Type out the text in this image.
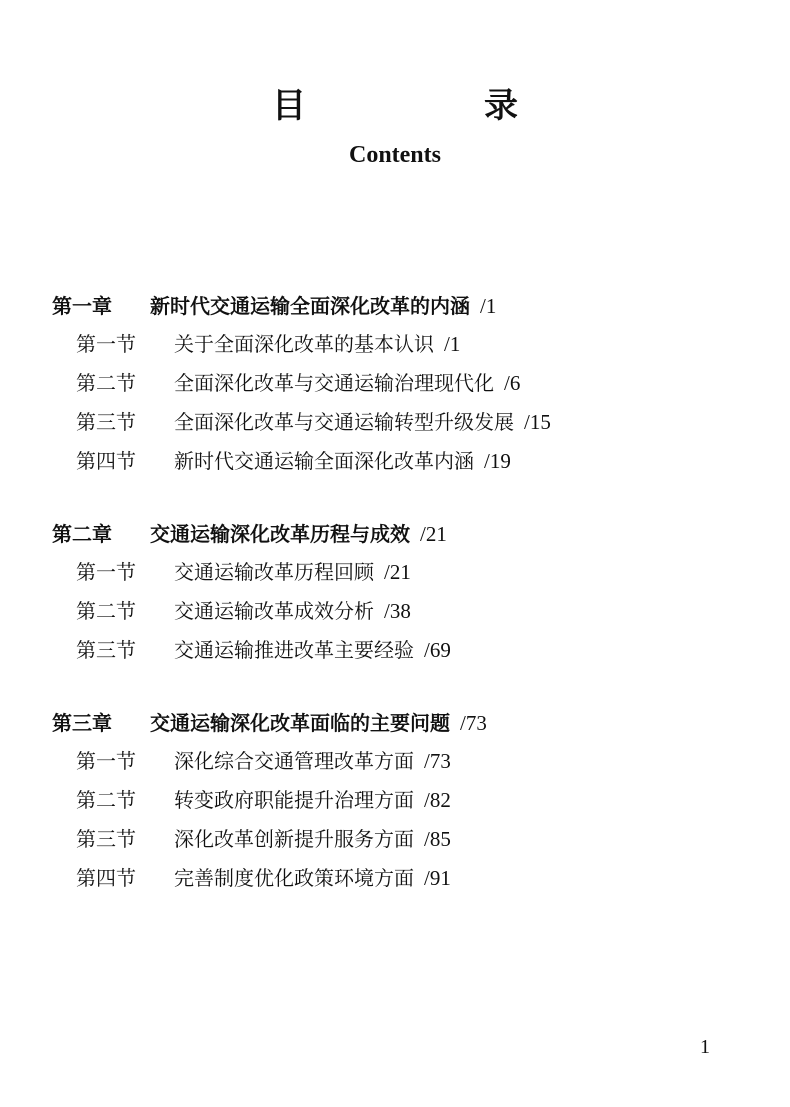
目　录
Contents
第一章	新时代交通运输全面深化改革的内涵 /1
第一节	关于全面深化改革的基本认识 /1
第二节	全面深化改革与交通运输治理现代化 /6
第三节	全面深化改革与交通运输转型升级发展 /15
第四节	新时代交通运输全面深化改革内涵 /19
第二章	交通运输深化改革历程与成效 /21
第一节	交通运输改革历程回顾 /21
第二节	交通运输改革成效分析 /38
第三节	交通运输推进改革主要经验 /69
第三章	交通运输深化改革面临的主要问题 /73
第一节	深化综合交通管理改革方面 /73
第二节	转变政府职能提升治理方面 /82
第三节	深化改革创新提升服务方面 /85
第四节	完善制度优化政策环境方面 /91
1
